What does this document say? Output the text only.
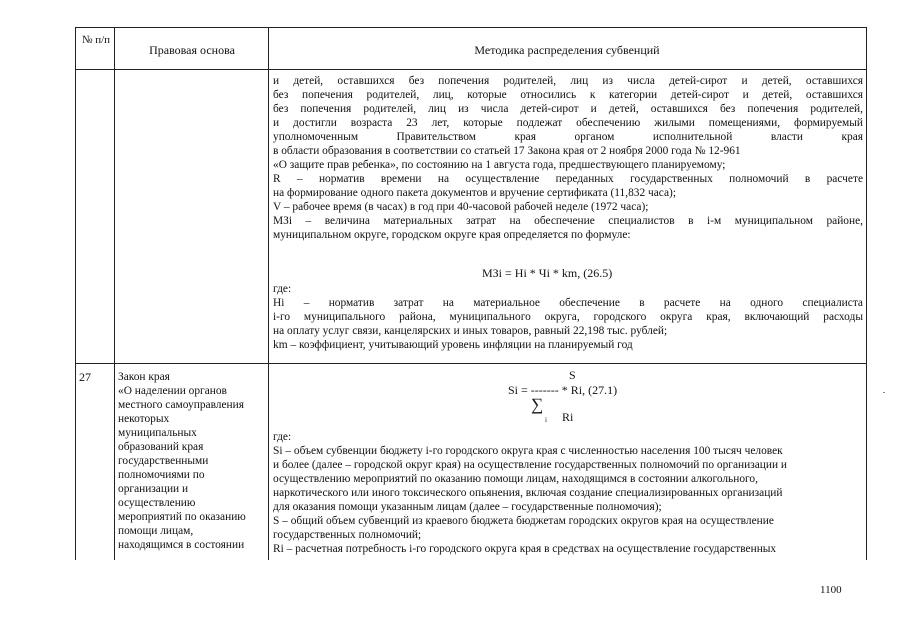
№ п/п
Правовая основа	Методика распределения субвенций
и детей, оставшихся без попечения родителей, лиц из числа детей-сирот и детей, оставшихся
без попечения родителей, лиц, которые относились к категории детей-сирот и детей, оставшихся
без попечения родителей, лиц из числа детей-сирот и детей, оставшихся без попечения родителей,
и достигли возраста 23 лет, которые подлежат обеспечению жилыми помещениями, формируемый
уполномоченным Правительством края органом исполнительной власти края
в области образования в соответствии со статьей 17 Закона края от 2 ноября 2000 года № 12-961
«О защите прав ребенка», по состоянию на 1 августа года, предшествующего планируемому;
R – норматив времени на осуществление переданных государственных полномочий в расчете
на формирование одного пакета документов и вручение сертификата (11,832 часа);
V – рабочее время (в часах) в год при 40-часовой рабочей неделе (1972 часа);
МЗi – величина материальных затрат на обеспечение специалистов в i-м муниципальном районе,
муниципальном округе, городском округе края определяется по формуле:
МЗi = Нi * Чi * km, (26.5)
где:
Нi – норматив затрат на материальное обеспечение в расчете на одного специалиста
i-го муниципального района, муниципального округа, городского округа края, включающий расходы
на оплату услуг связи, канцелярских и иных товаров, равный 22,198 тыс. рублей;
km – коэффициент, учитывающий уровень инфляции на планируемый год
27 Закон края
«О наделении органов
местного самоуправления
некоторых
муниципальных
образований края
государственными
полномочиями по
организации и
осуществлению
мероприятий по оказанию
помощи лицам,
находящимся в состоянии
S
Si = ------- * Ri, (27.1)
∑
i Ri
где:
Si – объем субвенции бюджету i-го городского округа края с численностью населения 100 тысяч человек
и более (далее – городской округ края) на осуществление государственных полномочий по организации и
осуществлению мероприятий по оказанию помощи лицам, находящимся в состоянии алкогольного,
наркотического или иного токсического опьянения, включая создание специализированных организаций
для оказания помощи указанным лицам (далее – государственные полномочия);
S – общий объем субвенций из краевого бюджета бюджетам городских округов края на осуществление
государственных полномочий;
Ri – расчетная потребность i-го городского округа края в средствах на осуществление государственных
1100
